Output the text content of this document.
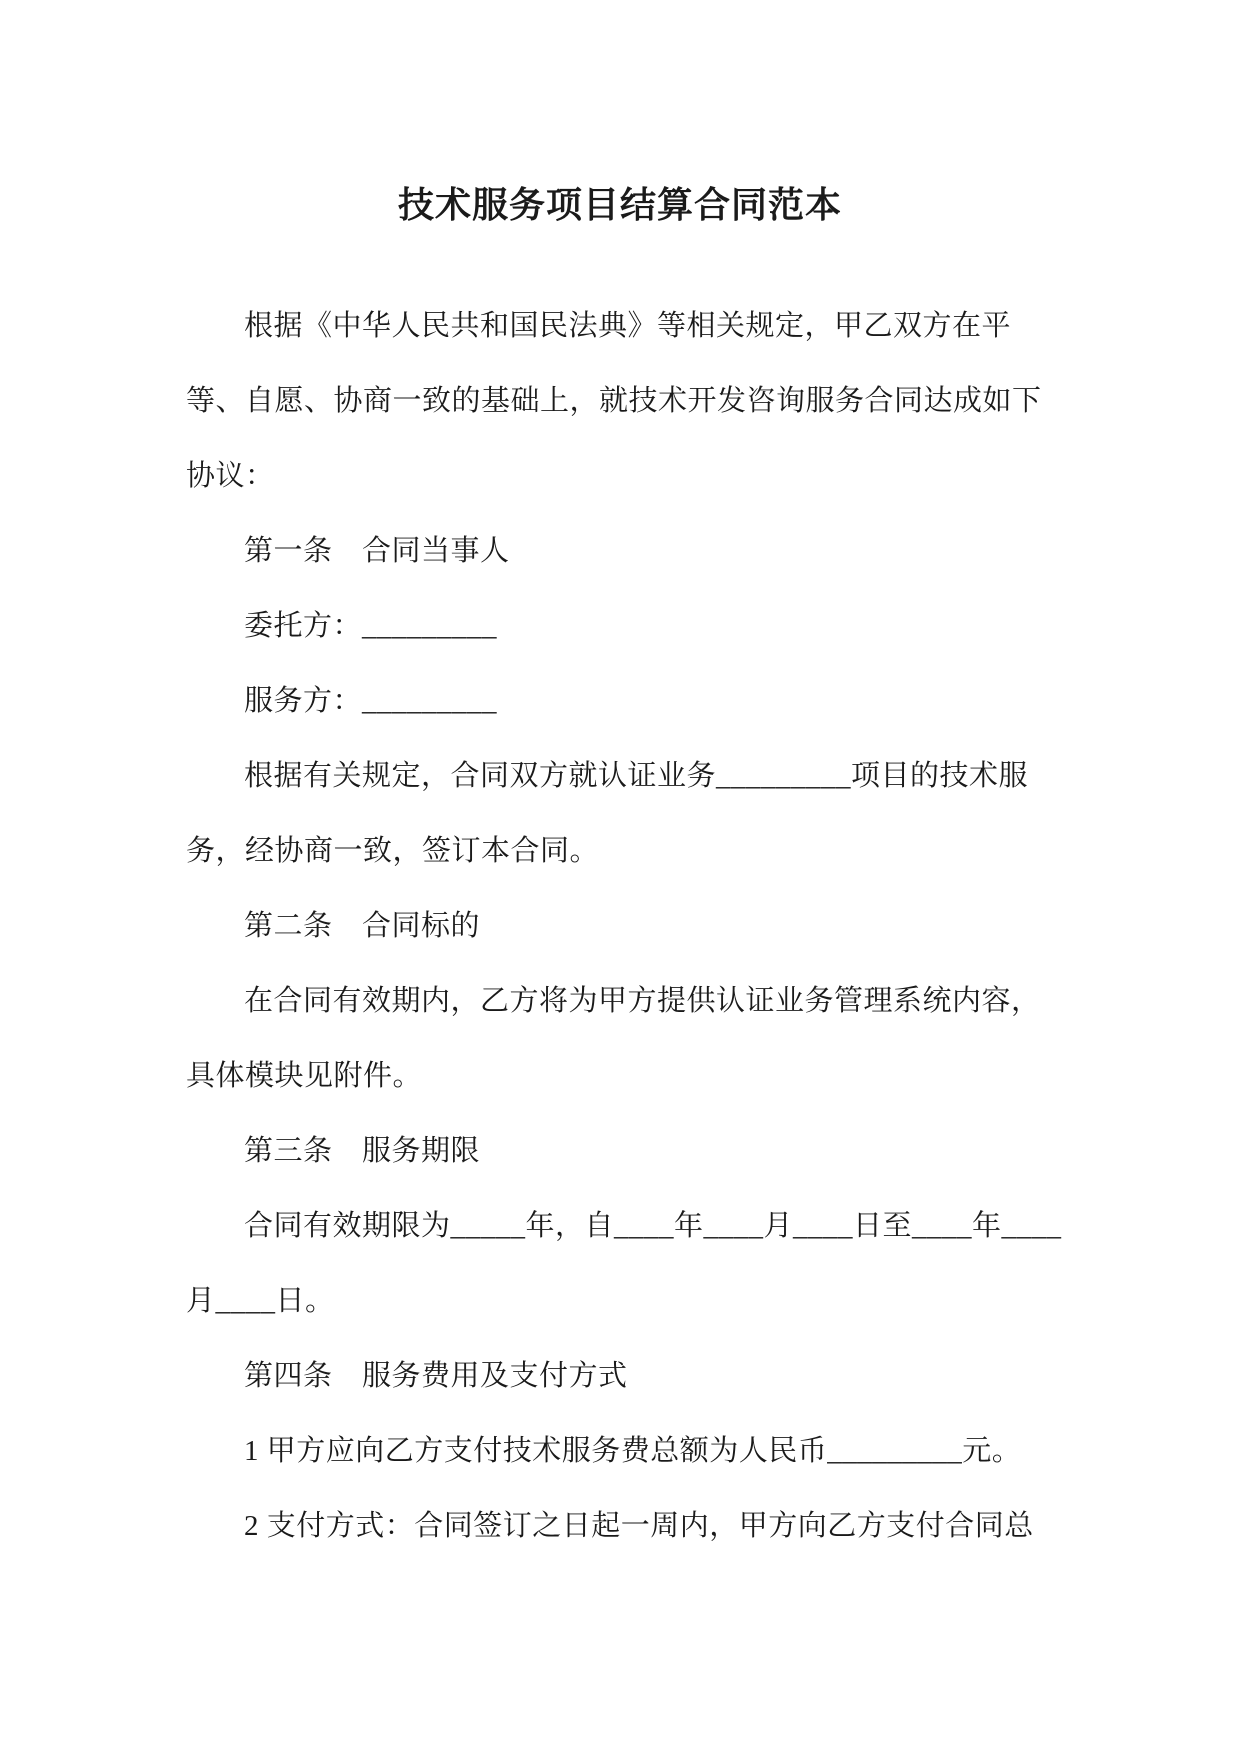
技术服务项目结算合同范本
根据《中华人民共和国民法典》等相关规定，甲乙双方在平
等、自愿、协商一致的基础上，就技术开发咨询服务合同达成如下
协议：
第一条　合同当事人
委托方：_________
服务方：_________
根据有关规定，合同双方就认证业务_________项目的技术服
务，经协商一致，签订本合同。
第二条　合同标的
在合同有效期内，乙方将为甲方提供认证业务管理系统内容，
具体模块见附件。
第三条　服务期限
合同有效期限为_____年，自____年____月____日至____年____
月____日。
第四条　服务费用及支付方式
1 甲方应向乙方支付技术服务费总额为人民币_________元。
2 支付方式：合同签订之日起一周内，甲方向乙方支付合同总
